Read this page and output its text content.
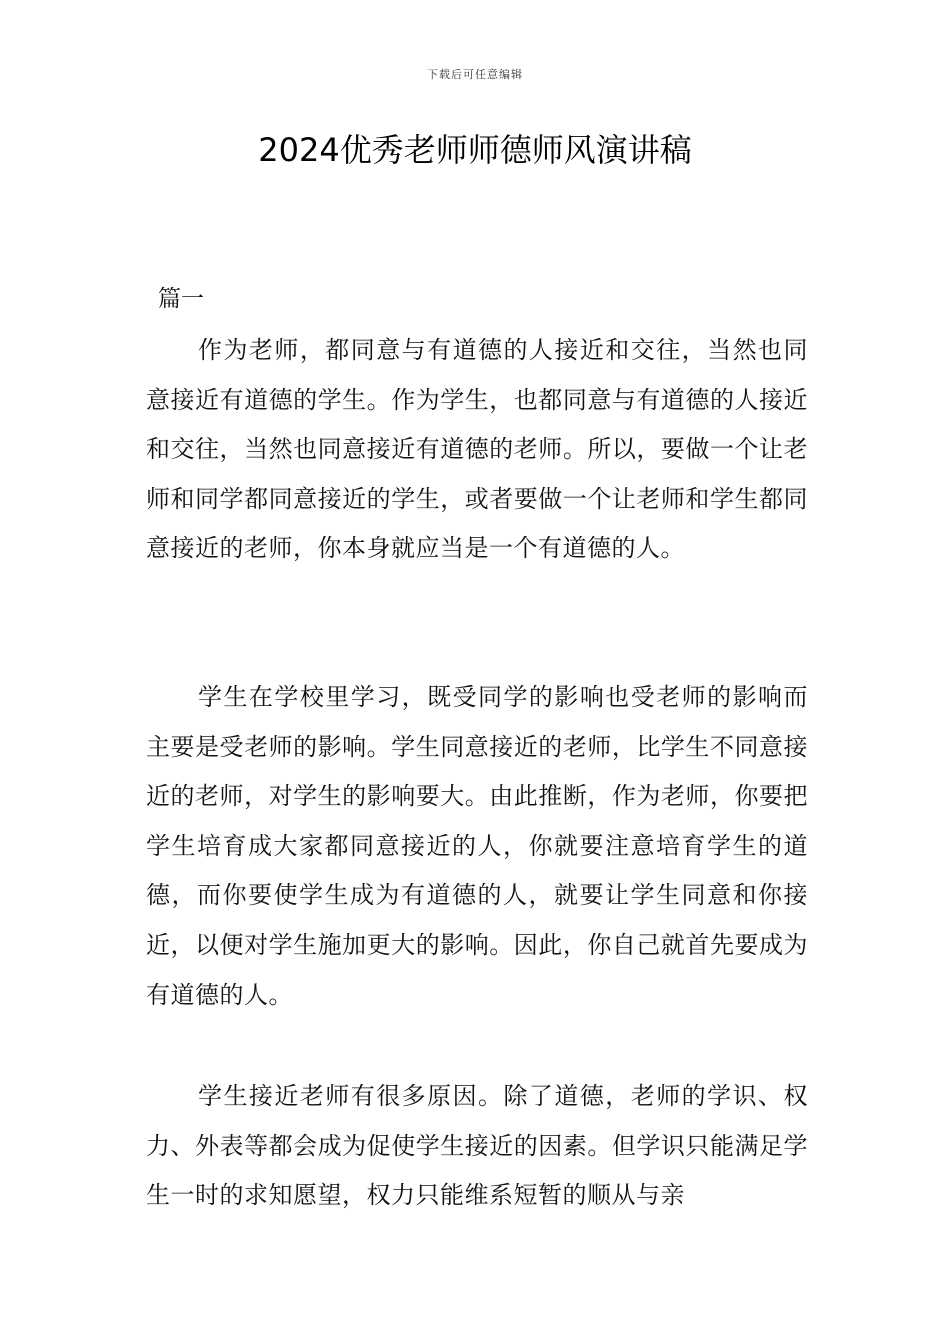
下载后可任意编辑
2024优秀老师师德师风演讲稿
篇一

作为老师，都同意与有道德的人接近和交往，当然也同意接近有道德的学生。作为学生，也都同意与有道德的人接近和交往，当然也同意接近有道德的老师。所以，要做一个让老师和同学都同意接近的学生，或者要做一个让老师和学生都同意接近的老师，你本身就应当是一个有道德的人。

学生在学校里学习，既受同学的影响也受老师的影响而主要是受老师的影响。学生同意接近的老师，比学生不同意接近的老师，对学生的影响要大。由此推断，作为老师，你要把学生培育成大家都同意接近的人，你就要注意培育学生的道德，而你要使学生成为有道德的人，就要让学生同意和你接近，以便对学生施加更大的影响。因此，你自己就首先要成为有道德的人。

学生接近老师有很多原因。除了道德，老师的学识、权力、外表等都会成为促使学生接近的因素。但学识只能满足学生一时的求知愿望，权力只能维系短暂的顺从与亲
